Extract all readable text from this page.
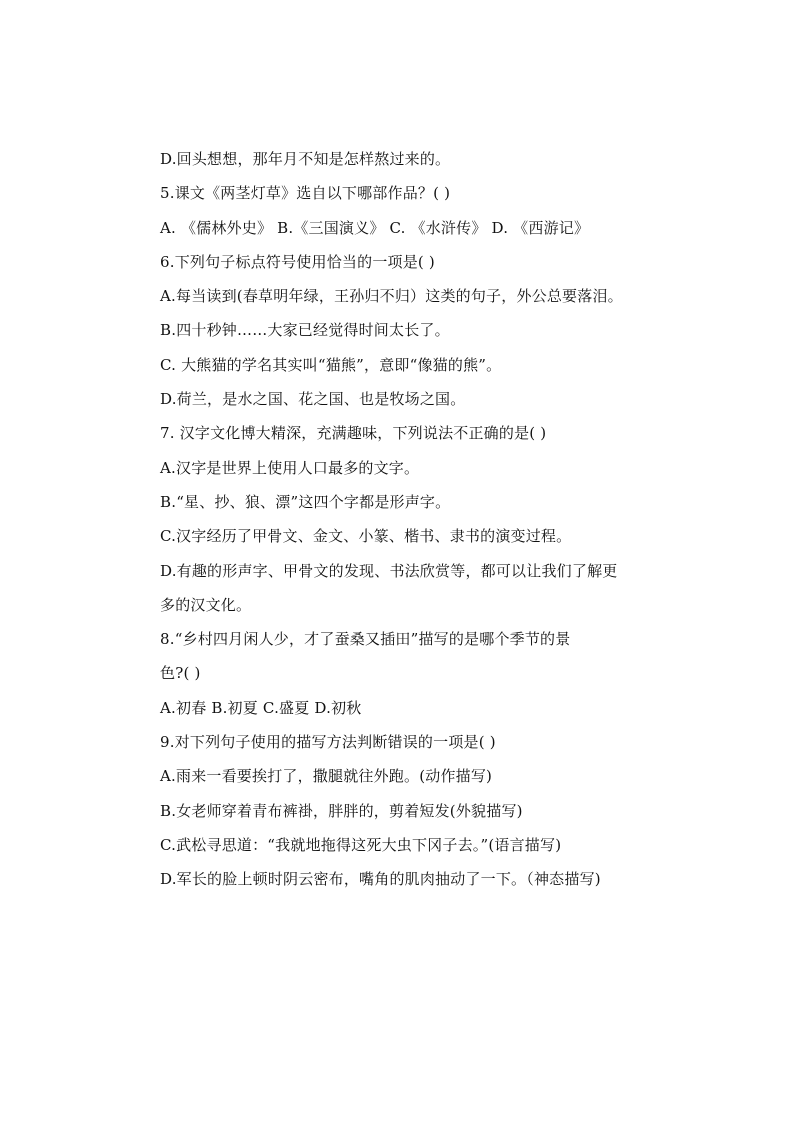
D.回头想想，那年月不知是怎样熬过来的。
5.课文《两茎灯草》选自以下哪部作品？( )
A. 《儒林外史》 B.《三国演义》 C. 《水浒传》 D. 《西游记》
6.下列句子标点符号使用恰当的一项是( )
A.每当读到(春草明年绿，王孙归不归）这类的句子，外公总要落泪。
B.四十秒钟……大家已经觉得时间太长了。
C. 大熊猫的学名其实叫“猫熊”，意即“像猫的熊”。
D.荷兰，是水之国、花之国、也是牧场之国。
7. 汉字文化博大精深，充满趣味，下列说法不正确的是( )
A.汉字是世界上使用人口最多的文字。
B.“星、抄、狼、漂”这四个字都是形声字。
C.汉字经历了甲骨文、金文、小篆、楷书、隶书的演变过程。
D.有趣的形声字、甲骨文的发现、书法欣赏等，都可以让我们了解更
多的汉文化。
8.“乡村四月闲人少，才了蚕桑又插田”描写的是哪个季节的景
色?( )
A.初春 B.初夏 C.盛夏 D.初秋
9.对下列句子使用的描写方法判断错误的一项是( )
A.雨来一看要挨打了，撒腿就往外跑。(动作描写)
B.女老师穿着青布裤褂，胖胖的，剪着短发(外貌描写)
C.武松寻思道：“我就地拖得这死大虫下冈子去。”(语言描写)
D.军长的脸上顿时阴云密布，嘴角的肌肉抽动了一下。（神态描写)
